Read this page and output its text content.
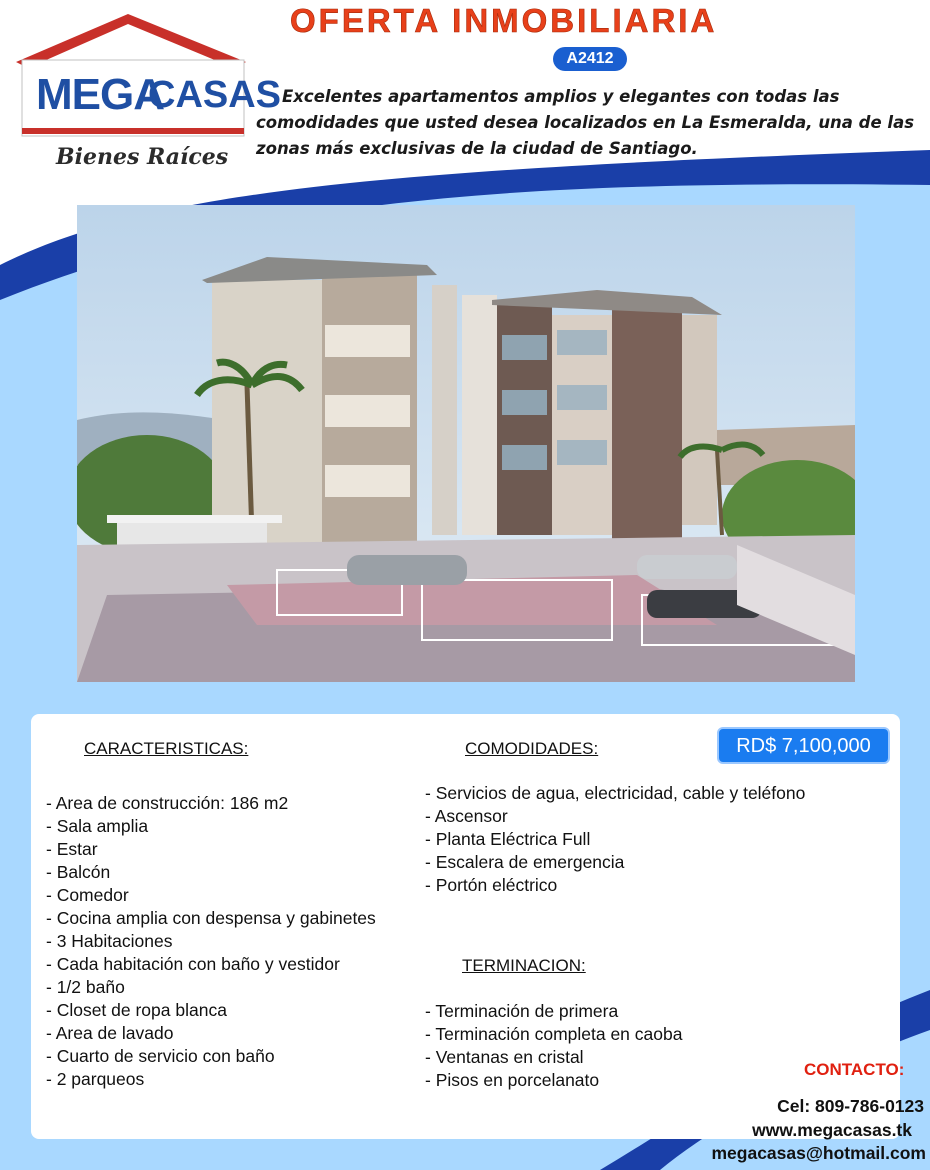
MEGA
CASAS
Bienes Raíces
OFERTA INMOBILIARIA
A2412
Excelentes apartamentos amplios y elegantes con todas las comodidades que usted desea localizados en La Esmeralda, una de las zonas más exclusivas de la ciudad de Santiago.
CARACTERISTICAS:
- Area de construcción: 186 m2
- Sala amplia
- Estar
- Balcón
- Comedor
- Cocina amplia con despensa y gabinetes
- 3 Habitaciones
- Cada habitación con baño y vestidor
- 1/2 baño
- Closet de ropa blanca
- Area de lavado
- Cuarto de servicio con baño
- 2 parqueos
COMODIDADES:
- Servicios de agua, electricidad, cable y teléfono
- Ascensor
- Planta Eléctrica Full
- Escalera de emergencia
- Portón eléctrico
TERMINACION:
- Terminación de primera
- Terminación completa en caoba
- Ventanas en cristal
- Pisos en porcelanato
RD$ 7,100,000
CONTACTO:
Cel: 809-786-0123
www.megacasas.tk
megacasas@hotmail.com
